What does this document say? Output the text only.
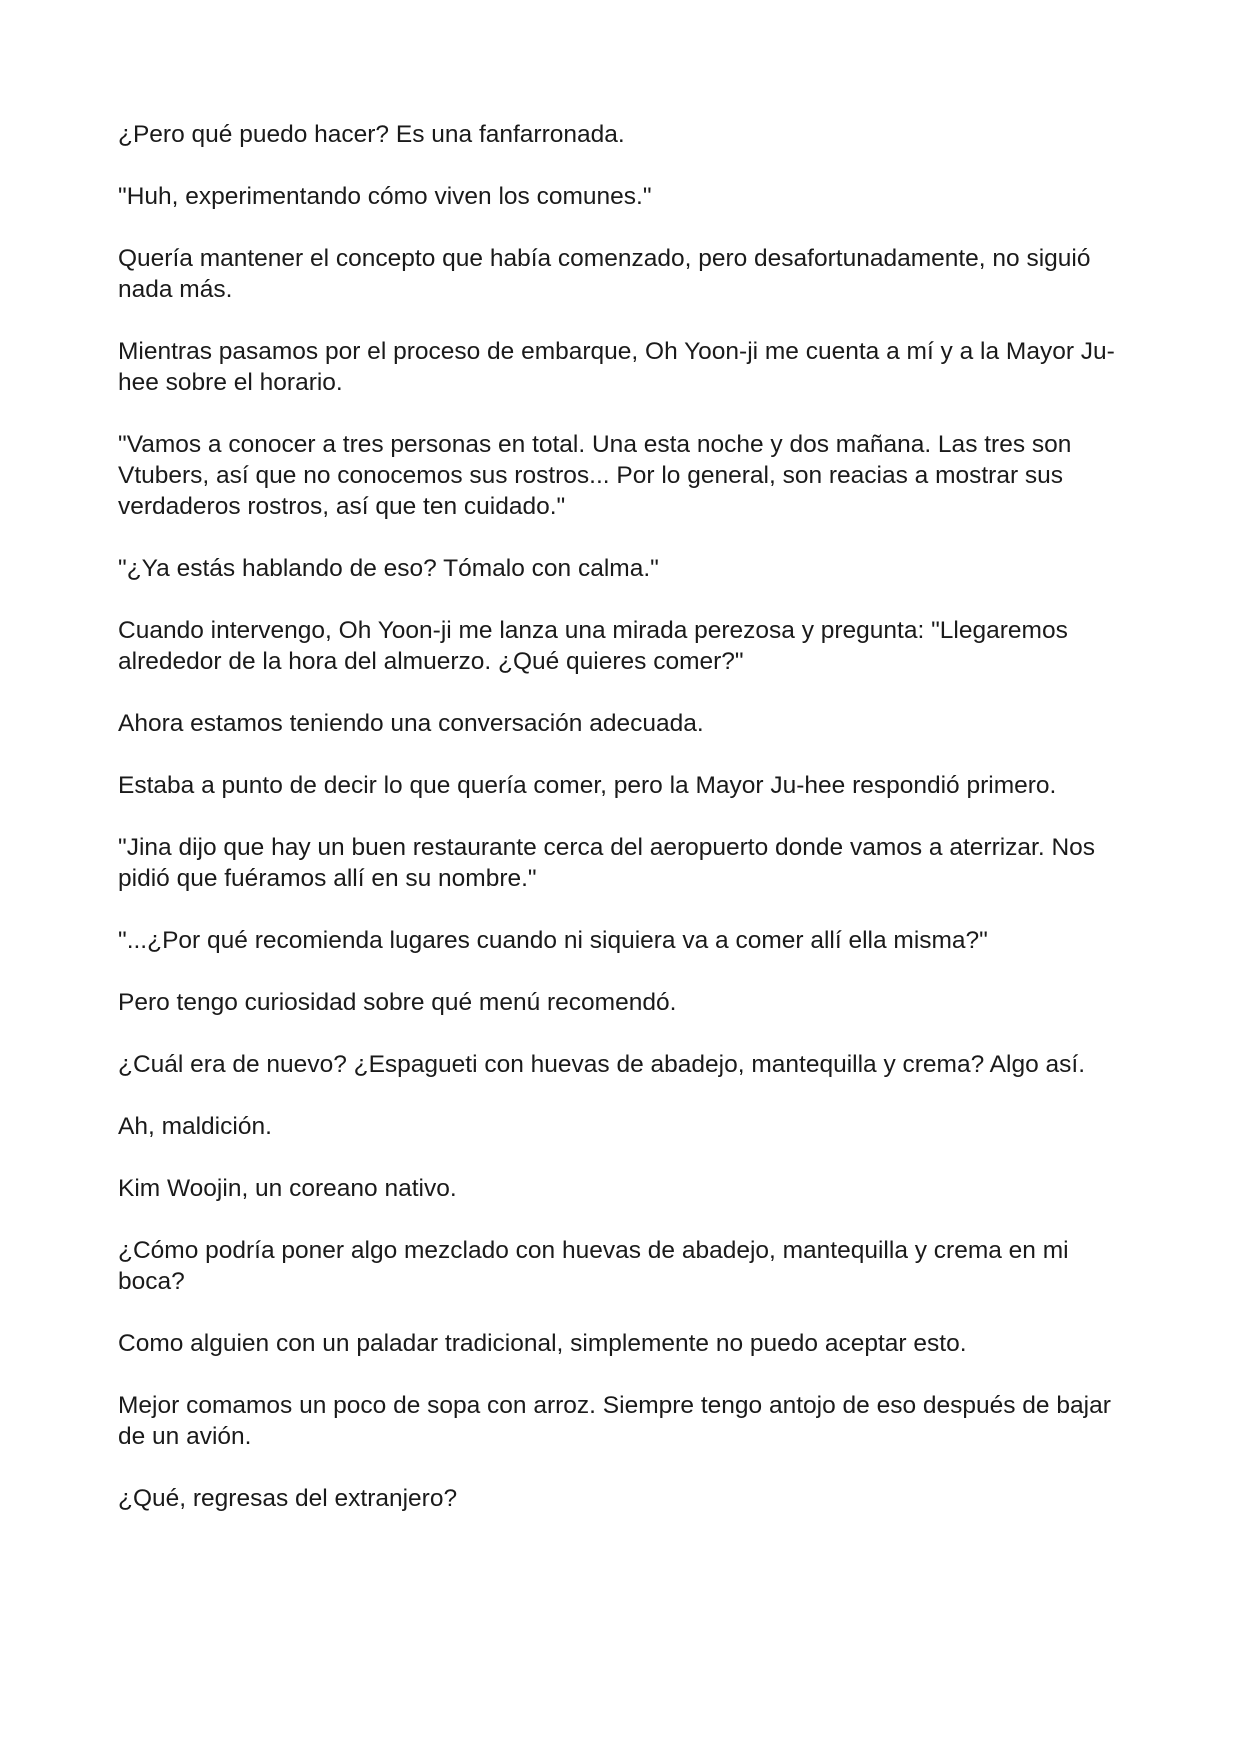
¿Pero qué puedo hacer? Es una fanfarronada.

"Huh, experimentando cómo viven los comunes."

Quería mantener el concepto que había comenzado, pero desafortunadamente, no siguió nada más.

Mientras pasamos por el proceso de embarque, Oh Yoon-ji me cuenta a mí y a la Mayor Ju-hee sobre el horario.

"Vamos a conocer a tres personas en total. Una esta noche y dos mañana. Las tres son Vtubers, así que no conocemos sus rostros... Por lo general, son reacias a mostrar sus verdaderos rostros, así que ten cuidado."

"¿Ya estás hablando de eso? Tómalo con calma."

Cuando intervengo, Oh Yoon-ji me lanza una mirada perezosa y pregunta: "Llegaremos alrededor de la hora del almuerzo. ¿Qué quieres comer?"

Ahora estamos teniendo una conversación adecuada.

Estaba a punto de decir lo que quería comer, pero la Mayor Ju-hee respondió primero.

"Jina dijo que hay un buen restaurante cerca del aeropuerto donde vamos a aterrizar. Nos pidió que fuéramos allí en su nombre."

"...¿Por qué recomienda lugares cuando ni siquiera va a comer allí ella misma?"

Pero tengo curiosidad sobre qué menú recomendó.

¿Cuál era de nuevo? ¿Espagueti con huevas de abadejo, mantequilla y crema? Algo así.

Ah, maldición.

Kim Woojin, un coreano nativo.

¿Cómo podría poner algo mezclado con huevas de abadejo, mantequilla y crema en mi boca?

Como alguien con un paladar tradicional, simplemente no puedo aceptar esto.

Mejor comamos un poco de sopa con arroz. Siempre tengo antojo de eso después de bajar de un avión.

¿Qué, regresas del extranjero?
